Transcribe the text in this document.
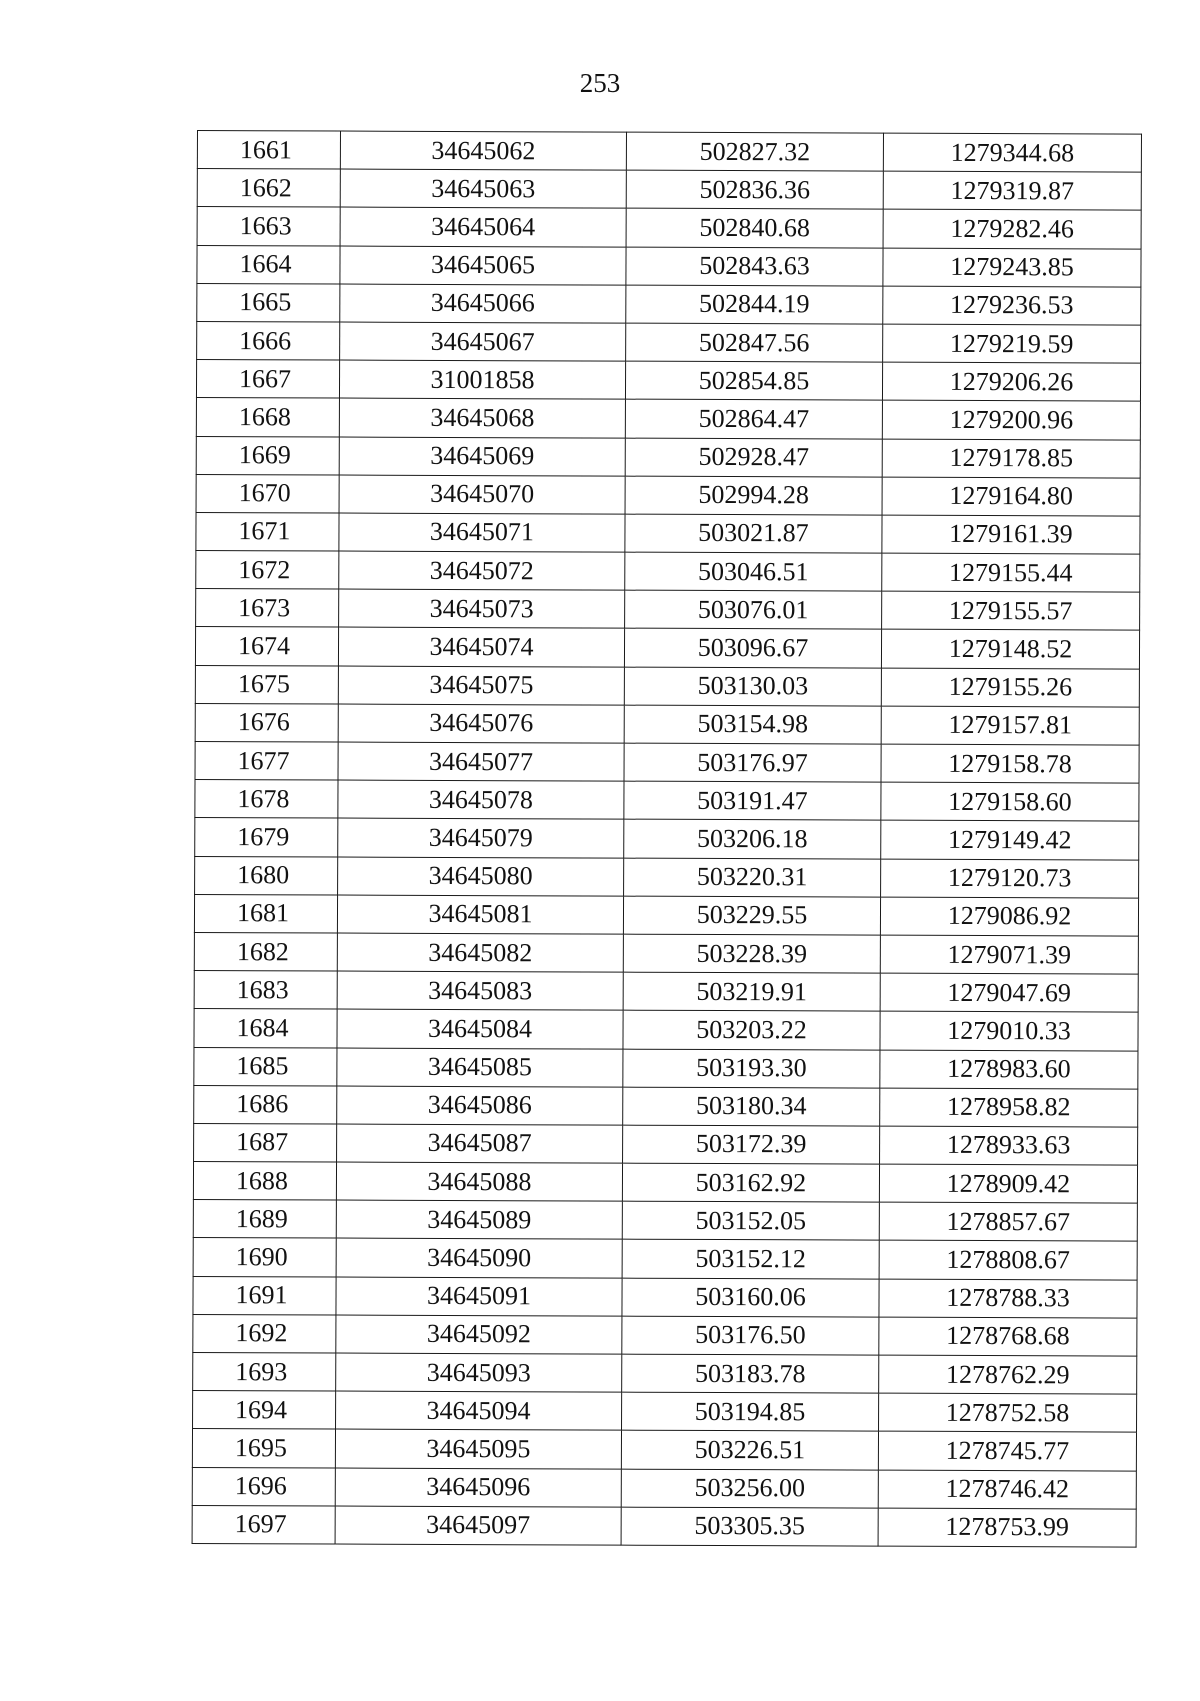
253
1661	34645062	502827.32	1279344.68
1662	34645063	502836.36	1279319.87
1663	34645064	502840.68	1279282.46
1664	34645065	502843.63	1279243.85
1665	34645066	502844.19	1279236.53
1666	34645067	502847.56	1279219.59
1667	31001858	502854.85	1279206.26
1668	34645068	502864.47	1279200.96
1669	34645069	502928.47	1279178.85
1670	34645070	502994.28	1279164.80
1671	34645071	503021.87	1279161.39
1672	34645072	503046.51	1279155.44
1673	34645073	503076.01	1279155.57
1674	34645074	503096.67	1279148.52
1675	34645075	503130.03	1279155.26
1676	34645076	503154.98	1279157.81
1677	34645077	503176.97	1279158.78
1678	34645078	503191.47	1279158.60
1679	34645079	503206.18	1279149.42
1680	34645080	503220.31	1279120.73
1681	34645081	503229.55	1279086.92
1682	34645082	503228.39	1279071.39
1683	34645083	503219.91	1279047.69
1684	34645084	503203.22	1279010.33
1685	34645085	503193.30	1278983.60
1686	34645086	503180.34	1278958.82
1687	34645087	503172.39	1278933.63
1688	34645088	503162.92	1278909.42
1689	34645089	503152.05	1278857.67
1690	34645090	503152.12	1278808.67
1691	34645091	503160.06	1278788.33
1692	34645092	503176.50	1278768.68
1693	34645093	503183.78	1278762.29
1694	34645094	503194.85	1278752.58
1695	34645095	503226.51	1278745.77
1696	34645096	503256.00	1278746.42
1697	34645097	503305.35	1278753.99
